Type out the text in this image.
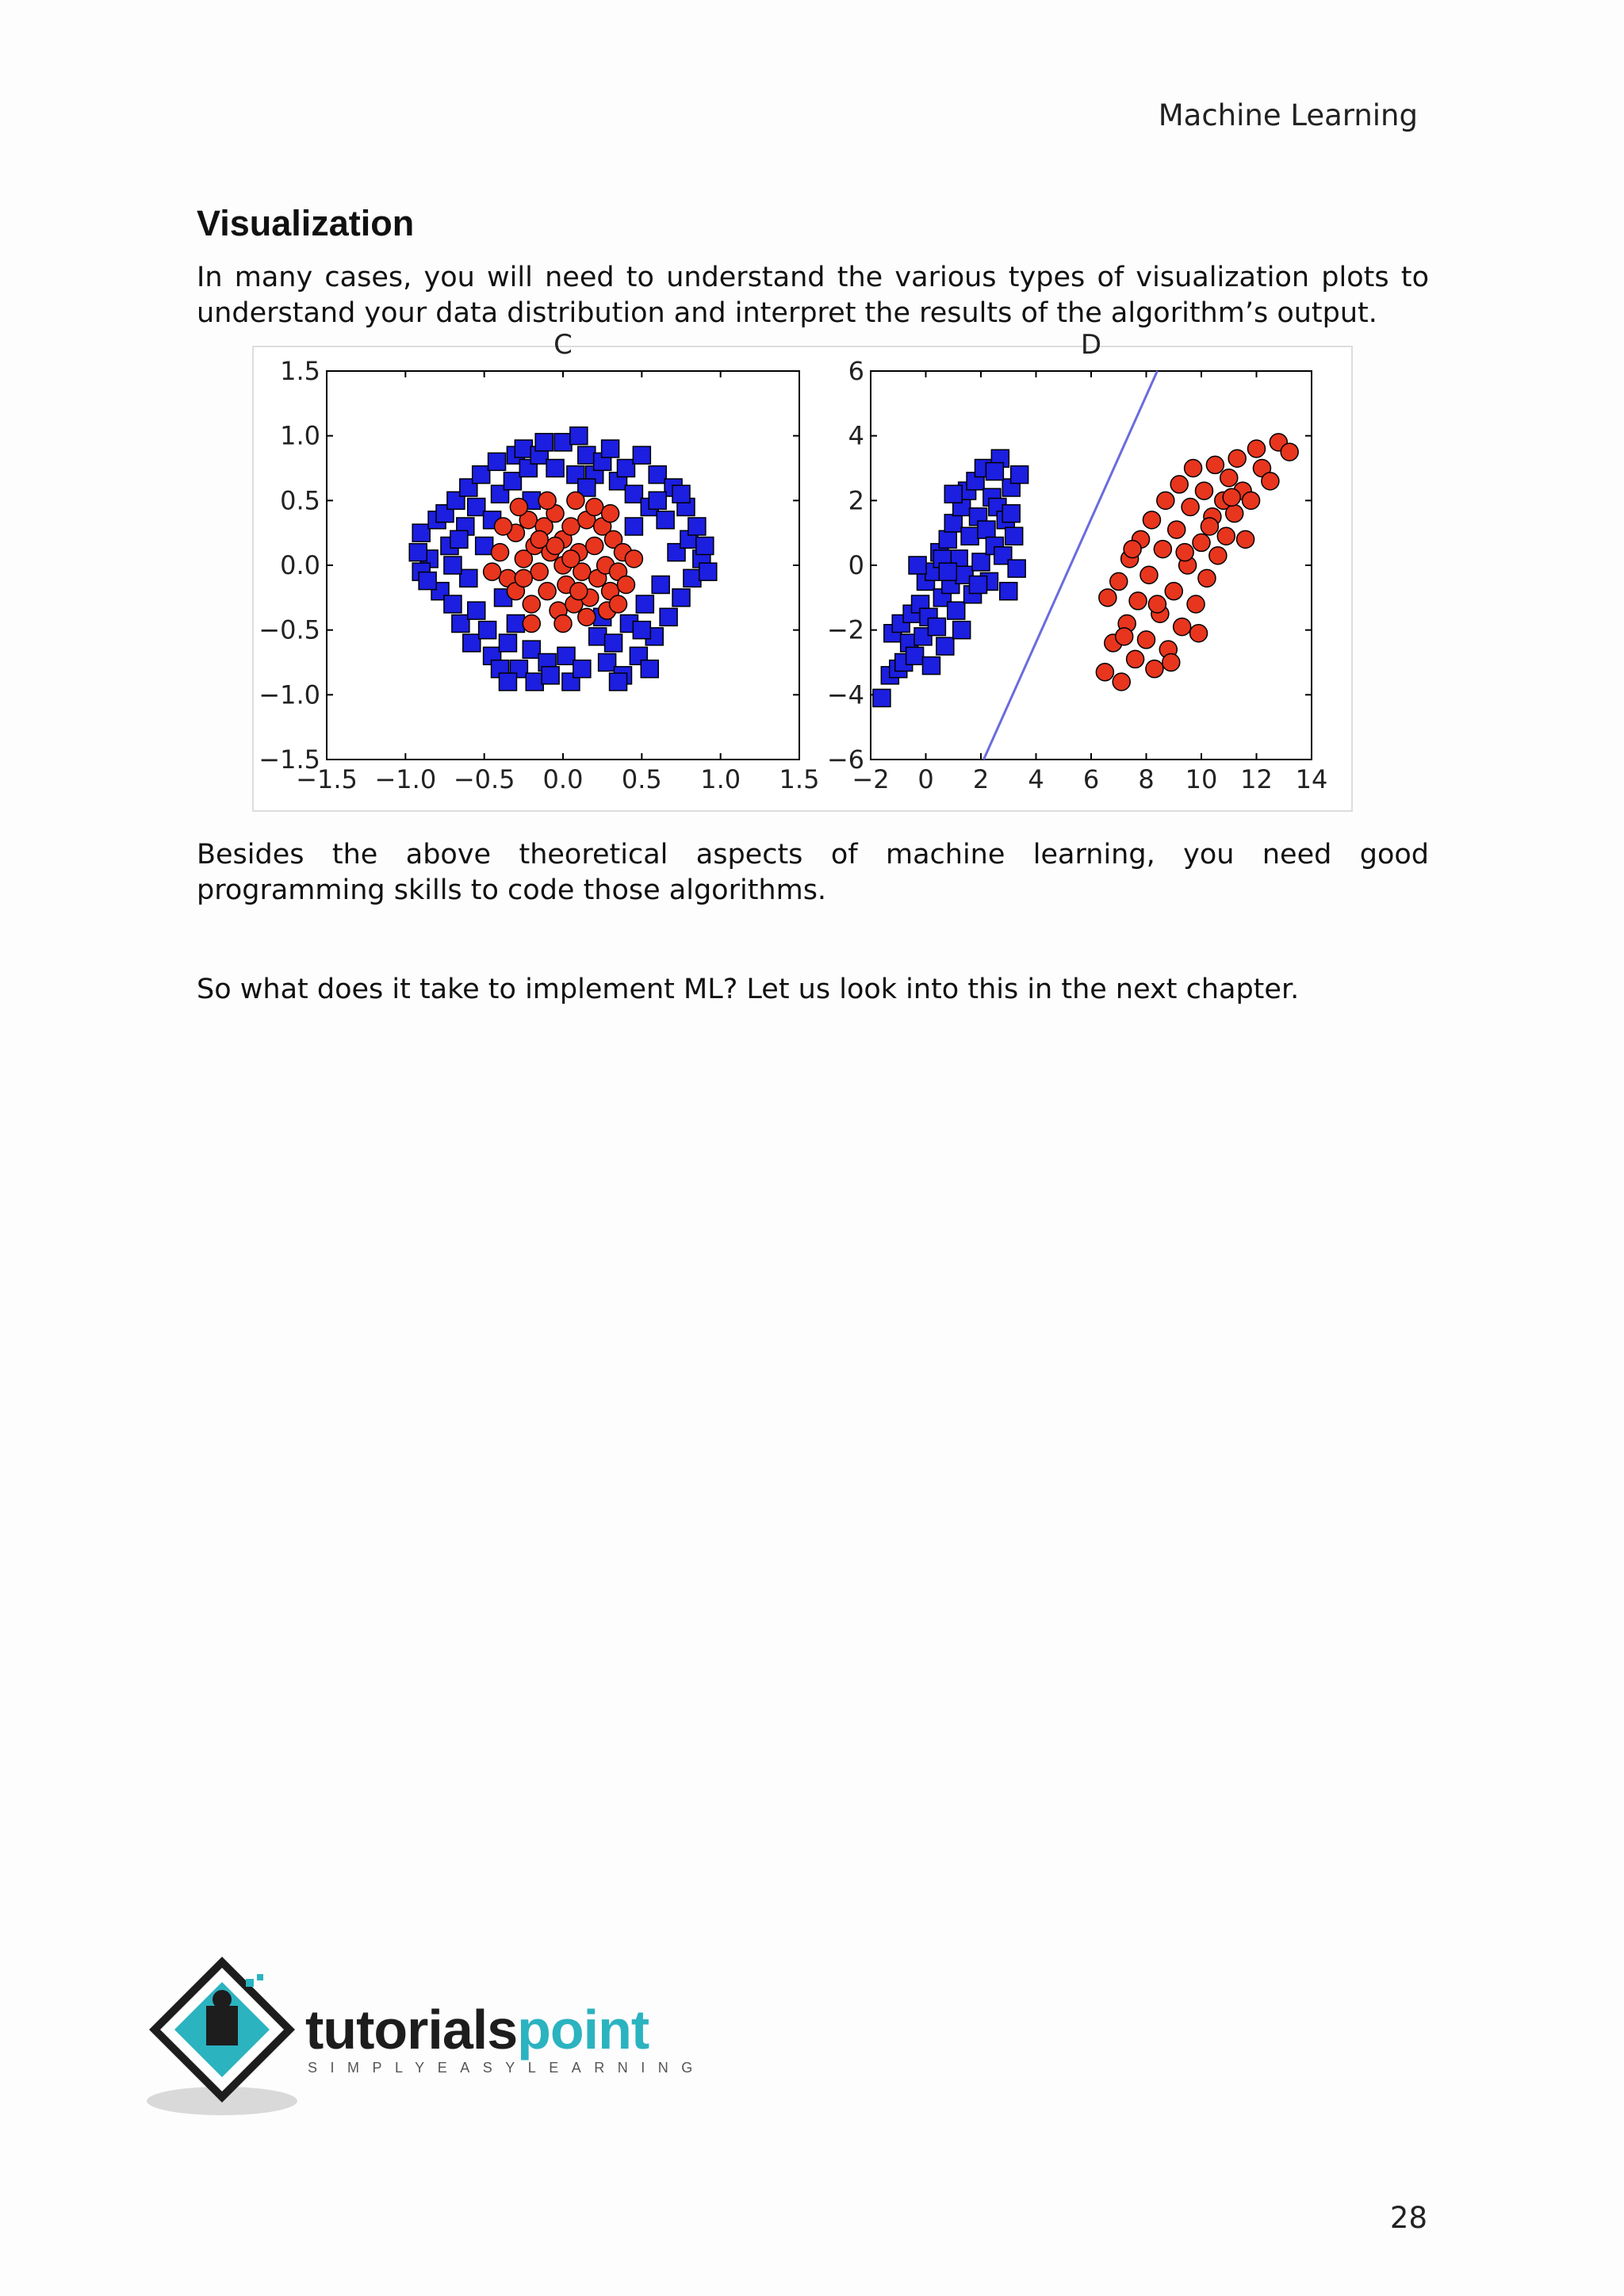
Machine Learning
Visualization

In many cases, you will need to understand the various types of visualization plots to understand your data distribution and interpret the results of the algorithm’s output.

C
−1.5 −1.0 −0.5 0.0 0.5 1.0 1.5
1.5
1.0
0.5
0.0
−0.5
−1.0
−1.5
D
−2 0 2 4 6 8 10 12 14
6
4
2
0
−2
−4
−6

Besides the above theoretical aspects of machine learning, you need good programming skills to code those algorithms.

So what does it take to implement ML? Let us look into this in the next chapter.

tutorialspoint
SIMPLYEASYLEARNING
28
